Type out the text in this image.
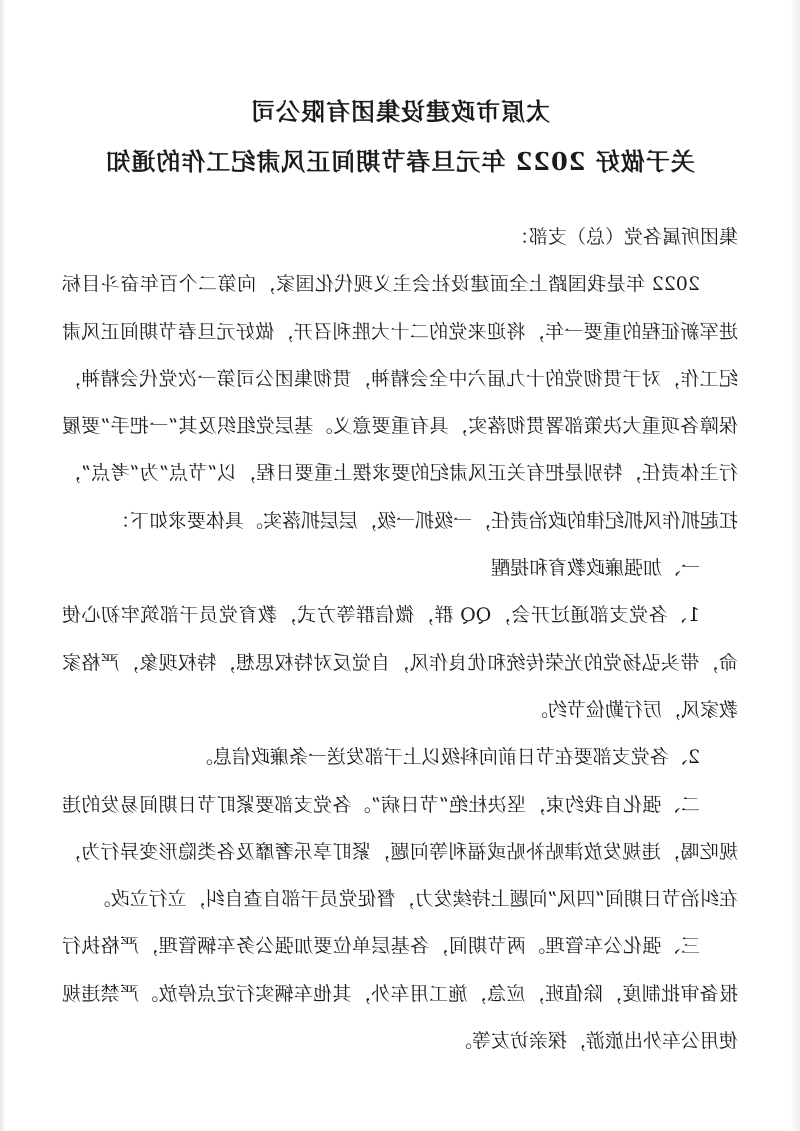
太原市政建设集团有限公司
关于做好 2022 年元旦春节期间正风肃纪工作的通知

集团所属各党（总）支部：

2022 年是我国踏上全面建设社会主义现代化国家，向第二个百年奋斗目标进军新征程的重要一年，将迎来党的二十大胜利召开，做好元旦春节期间正风肃纪工作，对于贯彻党的十九届六中全会精神，贯彻集团公司第一次党代会精神，保障各项重大决策部署贯彻落实，具有重要意义。基层党组织及其“一把手”要履行主体责任，特别是把有关正风肃纪的要求摆上重要日程，以“节点”为“考点”，扛起抓作风抓纪律的政治责任，一级抓一级，层层抓落实。具体要求如下：

一、加强廉政教育和提醒

1、各党支部通过开会，QQ 群，微信群等方式，教育党员干部筑牢初心使命，带头弘扬党的光荣传统和优良作风，自觉反对特权思想，特权现象，严格家教家风，厉行勤俭节约。

2、各党支部要在节日前向科级以上干部发送一条廉政信息。

二、强化自我约束，坚决杜绝“节日病”。各党支部要紧盯节日期间易发的违规吃喝，违规发放津贴补贴或福利等问题，紧盯享乐奢靡及各类隐形变异行为，在纠治节日期间“四风”问题上持续发力，督促党员干部自查自纠，立行立改。

三、强化公车管理。两节期间，各基层单位要加强公务车辆管理，严格执行报备审批制度，除值班，应急，施工用车外，其他车辆实行定点停放。严禁违规使用公车外出旅游，探亲访友等。
